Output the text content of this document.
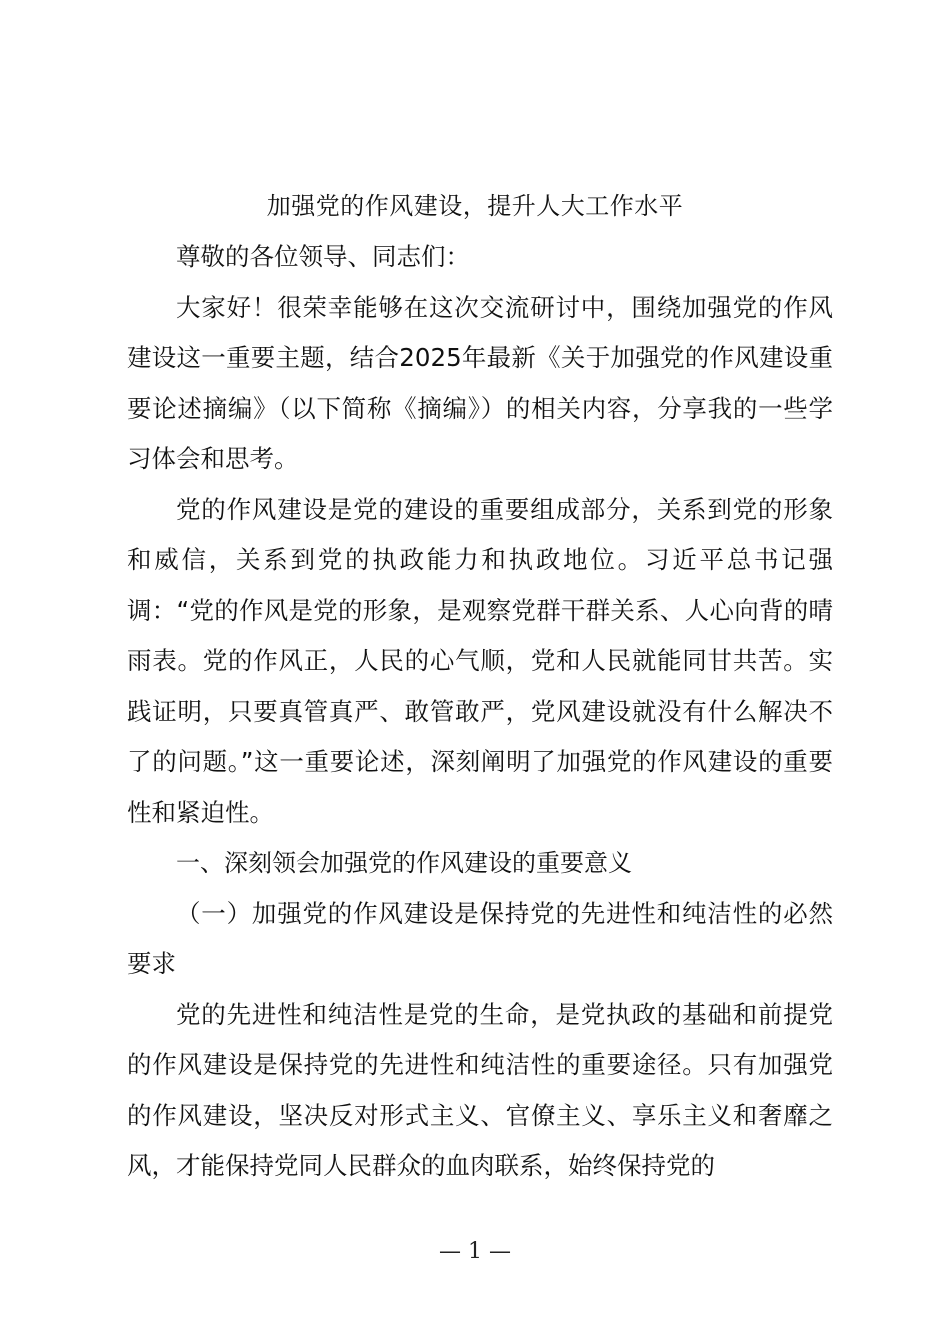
加强党的作风建设，提升人大工作水平

尊敬的各位领导、同志们：

大家好！很荣幸能够在这次交流研讨中，围绕加强党的作风建设这一重要主题，结合2025年最新《关于加强党的作风建设重要论述摘编》（以下简称《摘编》）的相关内容，分享我的一些学习体会和思考。

党的作风建设是党的建设的重要组成部分，关系到党的形象和威信，关系到党的执政能力和执政地位。习近平总书记强调：“党的作风是党的形象，是观察党群干群关系、人心向背的晴雨表。党的作风正，人民的心气顺，党和人民就能同甘共苦。实践证明，只要真管真严、敢管敢严，党风建设就没有什么解决不了的问题。”这一重要论述，深刻阐明了加强党的作风建设的重要性和紧迫性。

一、深刻领会加强党的作风建设的重要意义

（一）加强党的作风建设是保持党的先进性和纯洁性的必然要求

党的先进性和纯洁性是党的生命，是党执政的基础和前提党的作风建设是保持党的先进性和纯洁性的重要途径。只有加强党的作风建设，坚决反对形式主义、官僚主义、享乐主义和奢靡之风，才能保持党同人民群众的血肉联系，始终保持党的

— 1 —
